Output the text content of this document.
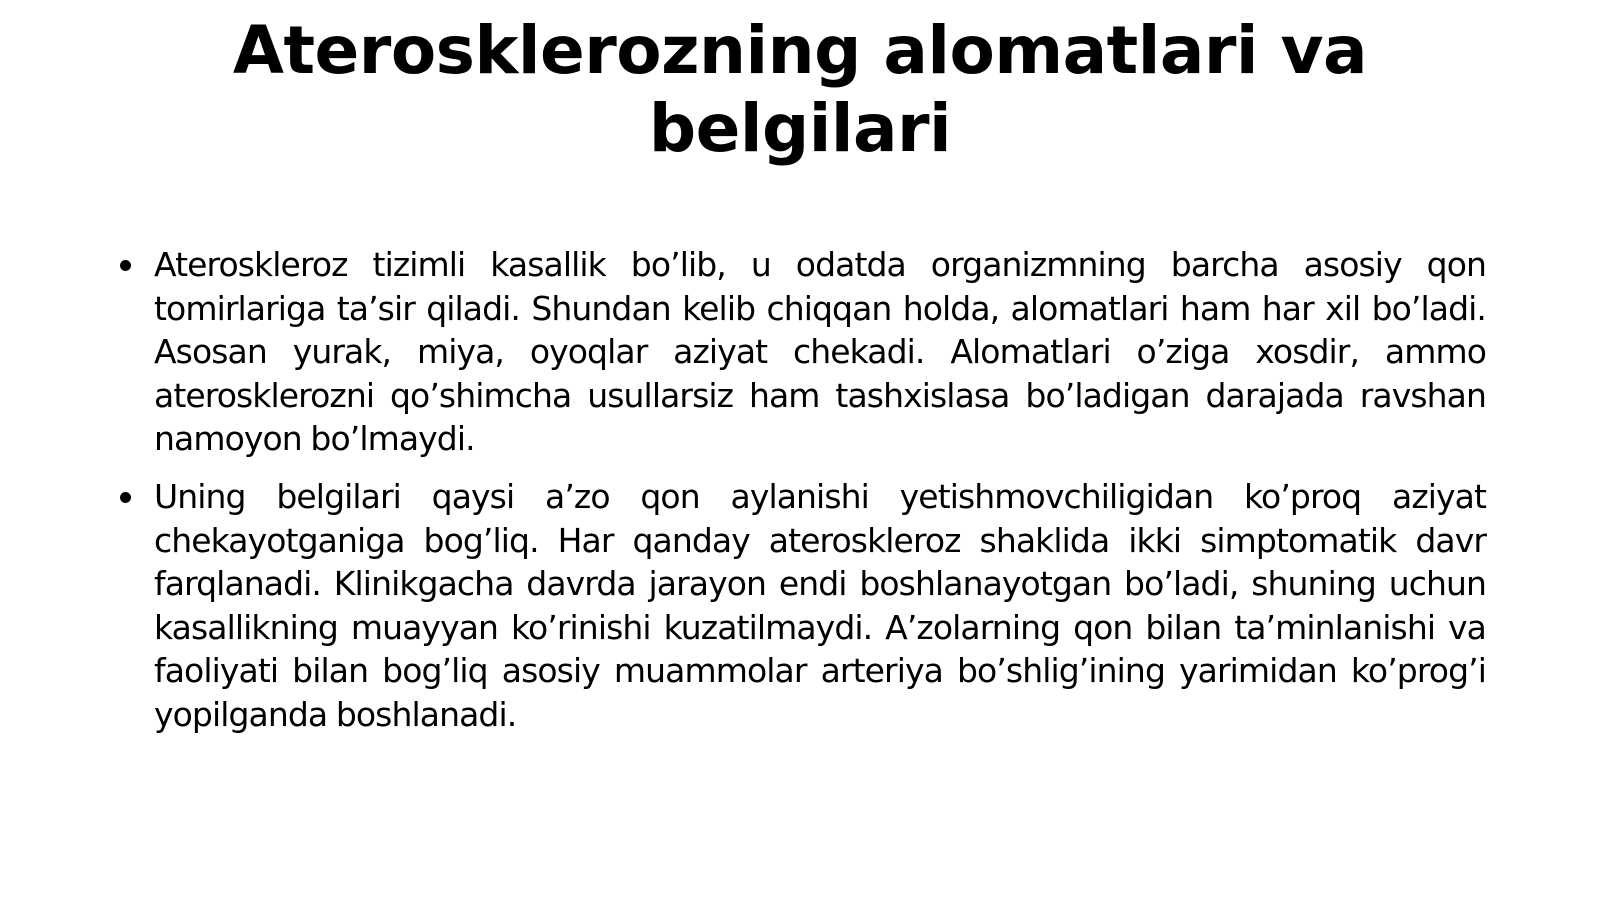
Aterosklerozning alomatlari va belgilari
Ateroskleroz tizimli kasallik bo’lib, u odatda organizmning barcha asosiy qon tomirlariga ta’sir qiladi. Shundan kelib chiqqan holda, alomatlari ham har xil bo’ladi. Asosan yurak, miya, oyoqlar aziyat chekadi. Alomatlari o’ziga xosdir, ammo aterosklerozni qo’shimcha usullarsiz ham tashxislasa bo’ladigan darajada ravshan namoyon bo’lmaydi.
Uning belgilari qaysi a’zo qon aylanishi yetishmovchiligidan ko’proq aziyat chekayotganiga bog’liq. Har qanday ateroskleroz shaklida ikki simptomatik davr farqlanadi. Klinikgacha davrda jarayon endi boshlanayotgan bo’ladi, shuning uchun kasallikning muayyan ko’rinishi kuzatilmaydi. A’zolarning qon bilan ta’minlanishi va faoliyati bilan bog’liq asosiy muammolar arteriya bo’shlig’ining yarimidan ko’prog’i yopilganda boshlanadi.
